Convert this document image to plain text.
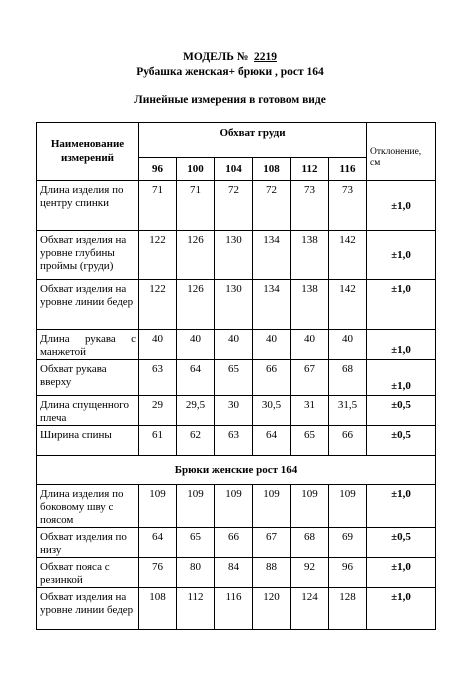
МОДЕЛЬ № 2219
Рубашка женская+ брюки , рост 164
Линейные измерения в готовом виде
Наименование измерений	Обхват груди						Отклонение, см
	96	100	104	108	112	116	
Длина изделия по центру спинки	71	71	72	72	73	73	±1,0
Обхват изделия на уровне глубины проймы (груди)	122	126	130	134	138	142	±1,0
Обхват изделия на уровне линии бедер	122	126	130	134	138	142	±1,0

Длина рукава с манжетой	40	40	40	40	40	40	±1,0
Обхват рукава вверху	63	64	65	66	67	68	±1,0
Длина спущенного плеча	29	29,5	30	30,5	31	31,5	±0,5
Ширина спины	61	62	63	64	65	66	±0,5
Брюки женские рост 164							
Длина изделия по боковому шву с поясом	109	109	109	109	109	109	±1,0
Обхват изделия по низу	64	65	66	67	68	69	±0,5
Обхват пояса с резинкой	76	80	84	88	92	96	±1,0
Обхват изделия на уровне линии бедер	108	112	116	120	124	128	±1,0
